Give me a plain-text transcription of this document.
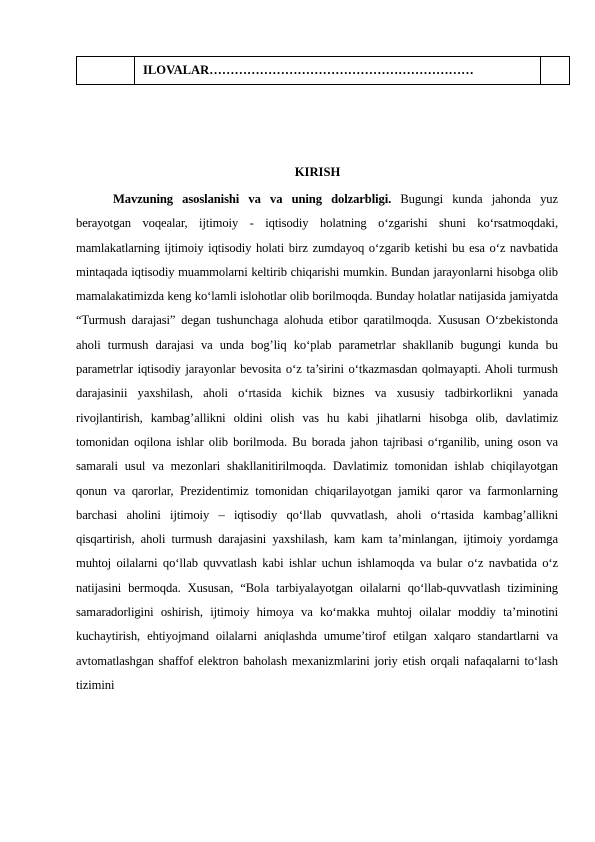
	ILOVALAR………………………………………………………	
KIRISH

Mavzuning asoslanishi va va uning dolzarbligi. Bugungi kunda jahonda yuz berayotgan voqealar, ijtimoiy - iqtisodiy holatning o‘zgarishi shuni ko‘rsatmoqdaki, mamlakatlarning ijtimoiy iqtisodiy holati birz zumdayoq o‘zgarib ketishi bu esa o‘z navbatida mintaqada iqtisodiy muammolarni keltirib chiqarishi mumkin. Bundan jarayonlarni hisobga olib mamalakatimizda keng ko‘lamli islohotlar olib borilmoqda. Bunday holatlar natijasida jamiyatda “Turmush darajasi” degan tushunchaga alohuda etibor qaratilmoqda. Xususan O‘zbekistonda aholi turmush darajasi va unda bog’liq ko‘plab parametrlar shakllanib bugungi kunda bu parametrlar iqtisodiy jarayonlar bevosita o‘z ta’sirini o‘tkazmasdan qolmayapti. Aholi turmush darajasinii yaxshilash, aholi o‘rtasida kichik biznes va xususiy tadbirkorlikni yanada rivojlantirish, kambag’allikni oldini olish vas hu kabi jihatlarni hisobga olib, davlatimiz tomonidan oqilona ishlar olib borilmoda. Bu borada jahon tajribasi o‘rganilib, uning oson va samarali usul va mezonlari shakllanitirilmoqda. Davlatimiz tomonidan ishlab chiqilayotgan qonun va qarorlar, Prezidentimiz tomonidan chiqarilayotgan jamiki qaror va farmonlarning barchasi aholini ijtimoiy – iqtisodiy qo‘llab quvvatlash, aholi o‘rtasida kambag’allikni qisqartirish, aholi turmush darajasini yaxshilash, kam kam ta’minlangan, ijtimoiy yordamga muhtoj oilalarni qo‘llab quvvatlash kabi ishlar uchun ishlamoqda va bular o‘z navbatida o‘z natijasini bermoqda. Xususan, “Bola tarbiyalayotgan oilalarni qo‘llab-quvvatlash tizimining samaradorligini oshirish, ijtimoiy himoya va ko‘makka muhtoj oilalar moddiy ta’minotini kuchaytirish, ehtiyojmand oilalarni aniqlashda umume’tirof etilgan xalqaro standartlarni va avtomatlashgan shaffof elektron baholash mexanizmlarini joriy etish orqali nafaqalarni to‘lash tizimini
